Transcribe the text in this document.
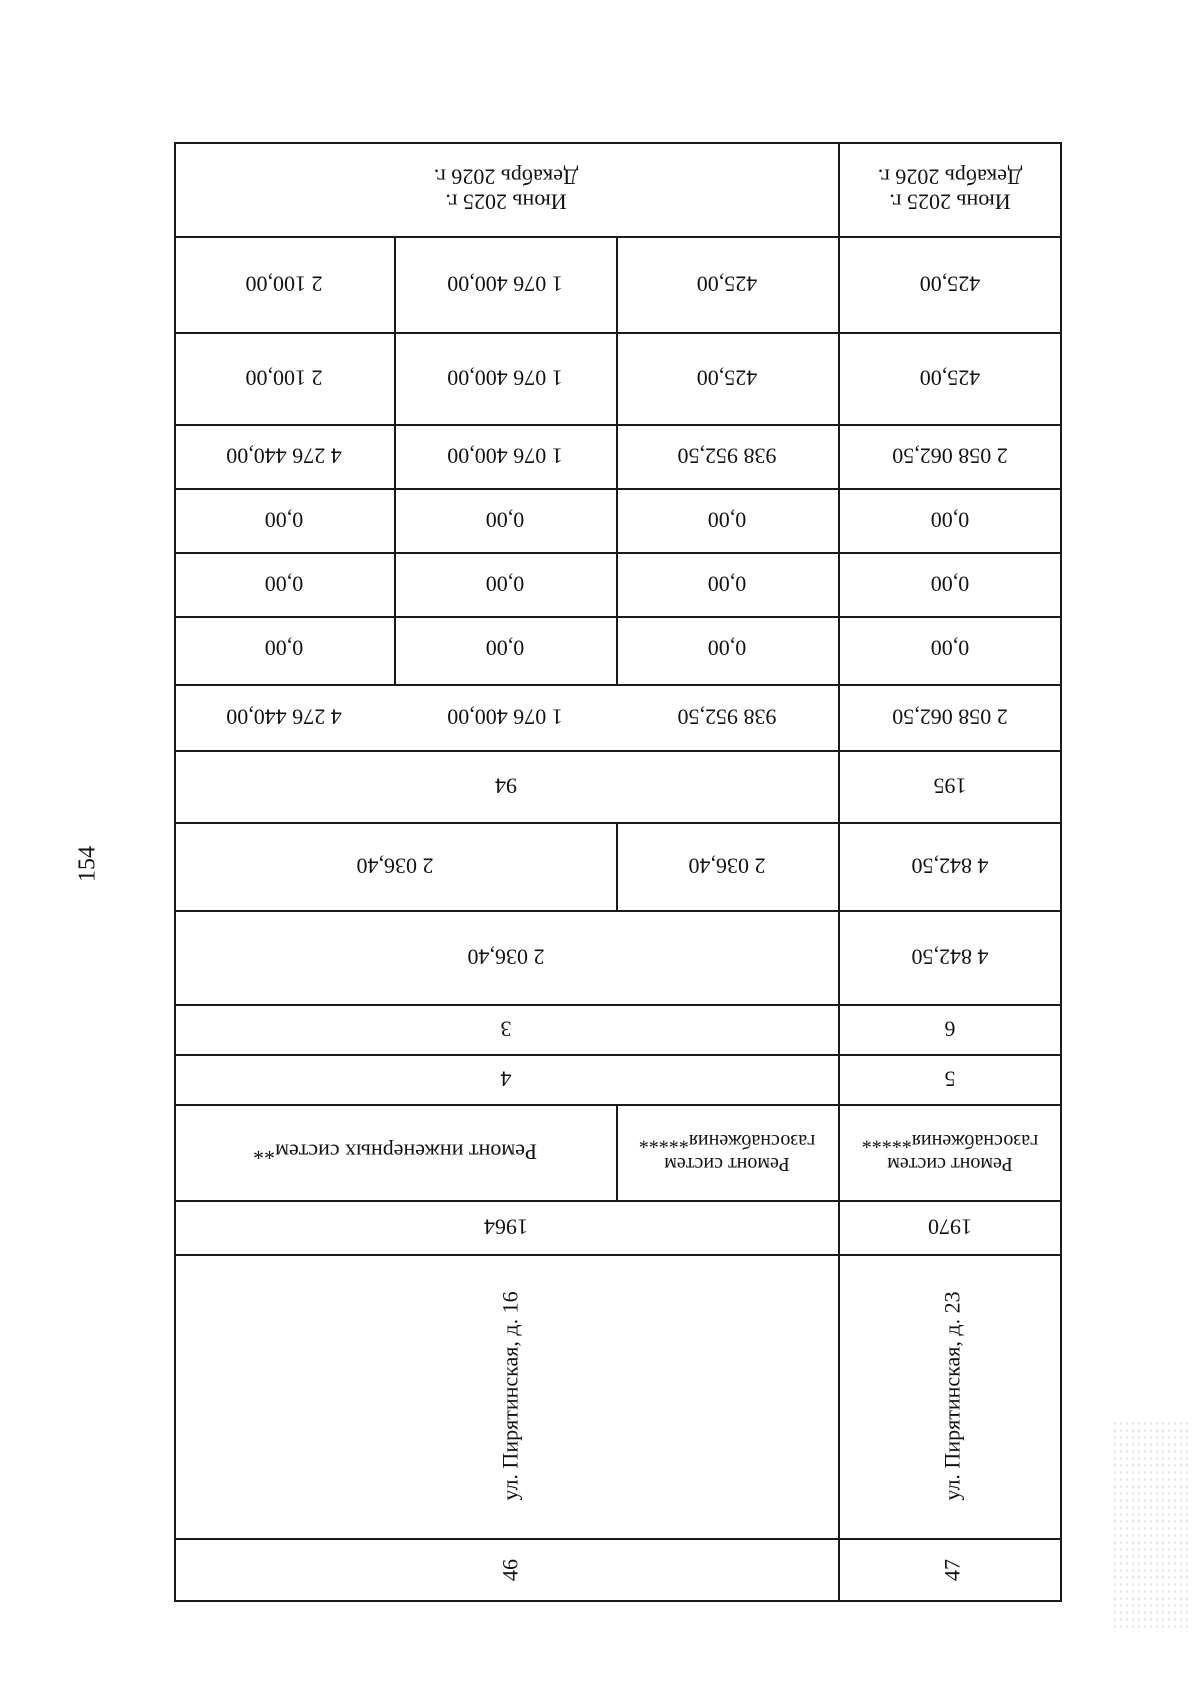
154
Июнь 2025 г.
Декабрь 2026 г.
425,00
425,00
2 058 062,50
0,00
0,00
0,00
2 058 062,50
195
4 842,50
4 842,50
6
5
Ремонт систем
газоснабжения*****
1970
ул. Пирятинская, д. 23
47
Июнь 2025 г.
Декабрь 2026 г.
425,00
425,00
938 952,50
0,00
0,00
0,00
938 952,50
1 076 400,00
1 076 400,00
1 076 400,00
0,00
0,00
0,00
1 076 400,00
2 100,00
2 100,00
4 276 440,00
0,00
0,00
0,00
4 276 440,00
94
2 036,40
2 036,40
2 036,40
3
4
Ремонт систем
газоснабжения*****
Ремонт инженерных систем**
1964
ул. Пирятинская, д. 16
46
